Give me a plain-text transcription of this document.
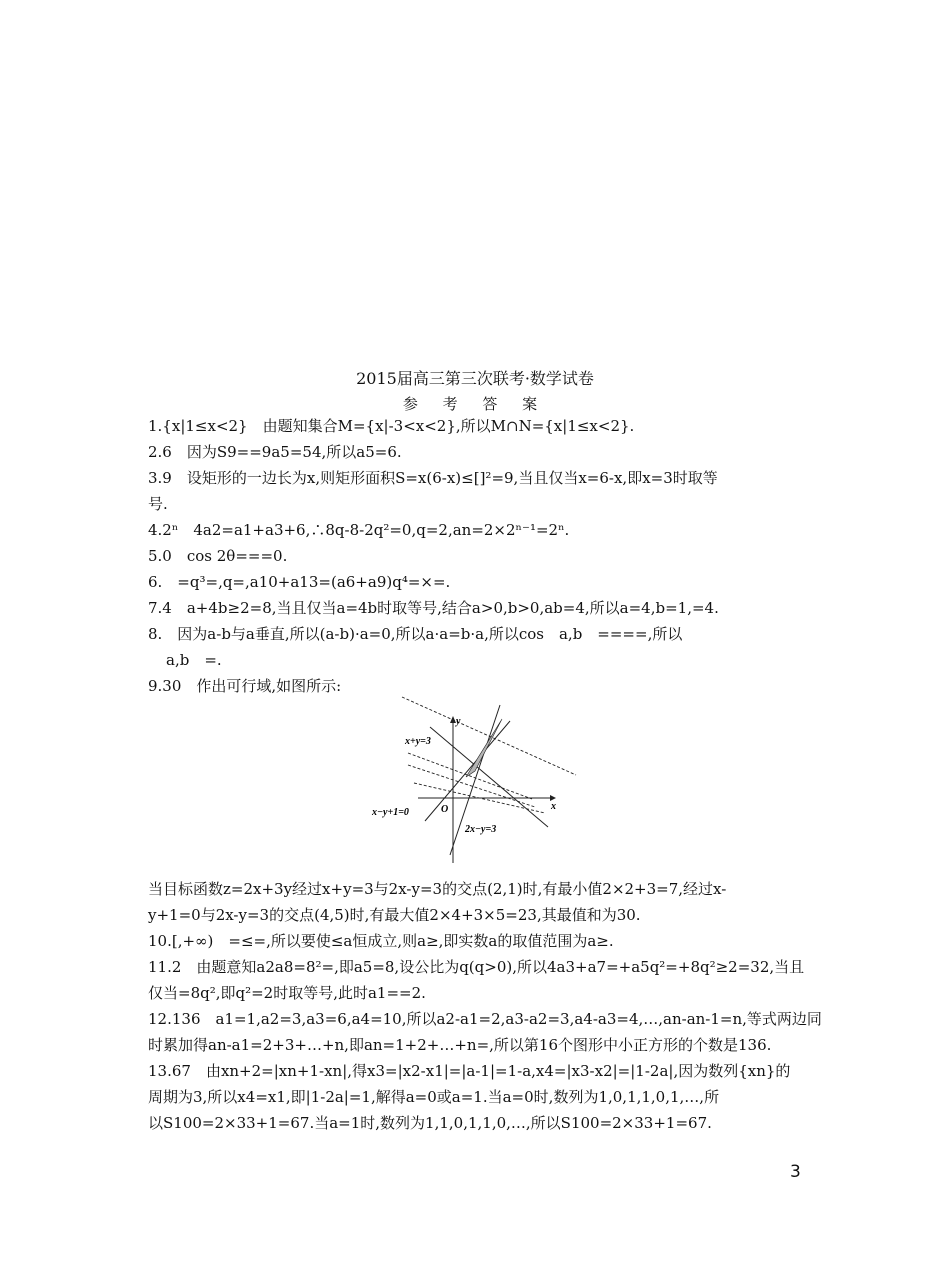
2015届高三第三次联考·数学试卷
参 考 答 案
1.{x|1≤x<2}　由题知集合M={x|-3<x<2},所以M∩N={x|1≤x<2}.
2.6　因为S9==9a5=54,所以a5=6.
3.9　设矩形的一边长为x,则矩形面积S=x(6-x)≤[]²=9,当且仅当x=6-x,即x=3时取等
号.
4.2ⁿ　4a2=a1+a3+6,∴8q-8-2q²=0,q=2,an=2×2ⁿ⁻¹=2ⁿ.
5.0　cos 2θ===0.
6.　=q³=,q=,a10+a13=(a6+a9)q⁴=×=.
7.4　a+4b≥2=8,当且仅当a=4b时取等号,结合a>0,b>0,ab=4,所以a=4,b=1,=4.
8.　因为a-b与a垂直,所以(a-b)·a=0,所以a·a=b·a,所以cos　a,b　====,所以
a,b　=.
9.30　作出可行域,如图所示:
y
x
O
x+y=3
x−y+1=0
2x−y=3
当目标函数z=2x+3y经过x+y=3与2x-y=3的交点(2,1)时,有最小值2×2+3=7,经过x-
y+1=0与2x-y=3的交点(4,5)时,有最大值2×4+3×5=23,其最值和为30.
10.[,+∞)　=≤=,所以要使≤a恒成立,则a≥,即实数a的取值范围为a≥.
11.2　由题意知a2a8=8²=,即a5=8,设公比为q(q>0),所以4a3+a7=+a5q²=+8q²≥2=32,当且
仅当=8q²,即q²=2时取等号,此时a1==2.
12.136　a1=1,a2=3,a3=6,a4=10,所以a2-a1=2,a3-a2=3,a4-a3=4,…,an-an-1=n,等式两边同
时累加得an-a1=2+3+…+n,即an=1+2+…+n=,所以第16个图形中小正方形的个数是136.
13.67　由xn+2=|xn+1-xn|,得x3=|x2-x1|=|a-1|=1-a,x4=|x3-x2|=|1-2a|,因为数列{xn}的
周期为3,所以x4=x1,即|1-2a|=1,解得a=0或a=1.当a=0时,数列为1,0,1,1,0,1,…,所
以S100=2×33+1=67.当a=1时,数列为1,1,0,1,1,0,…,所以S100=2×33+1=67.
3
